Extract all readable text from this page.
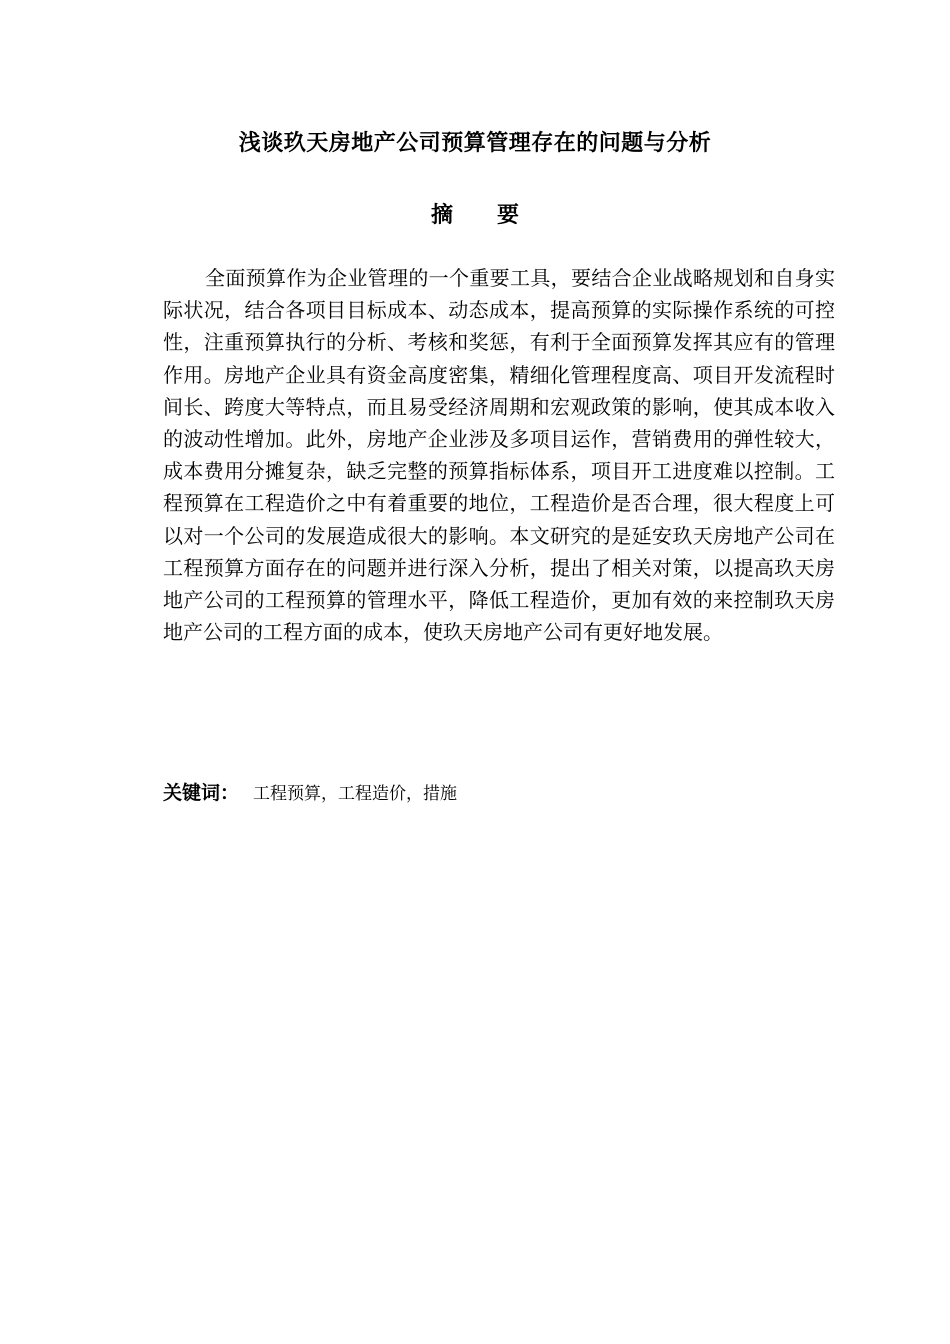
浅谈玖天房地产公司预算管理存在的问题与分析
摘要

全面预算作为企业管理的一个重要工具，要结合企业战略规划和自身实际状况，结合各项目目标成本、动态成本，提高预算的实际操作系统的可控性，注重预算执行的分析、考核和奖惩，有利于全面预算发挥其应有的管理作用。房地产企业具有资金高度密集，精细化管理程度高、项目开发流程时间长、跨度大等特点，而且易受经济周期和宏观政策的影响，使其成本收入的波动性增加。此外，房地产企业涉及多项目运作，营销费用的弹性较大，成本费用分摊复杂，缺乏完整的预算指标体系，项目开工进度难以控制。工程预算在工程造价之中有着重要的地位，工程造价是否合理，很大程度上可以对一个公司的发展造成很大的影响。本文研究的是延安玖天房地产公司在工程预算方面存在的问题并进行深入分析，提出了相关对策，以提高玖天房地产公司的工程预算的管理水平，降低工程造价，更加有效的来控制玖天房地产公司的工程方面的成本，使玖天房地产公司有更好地发展。

关键词： 工程预算，工程造价，措施
